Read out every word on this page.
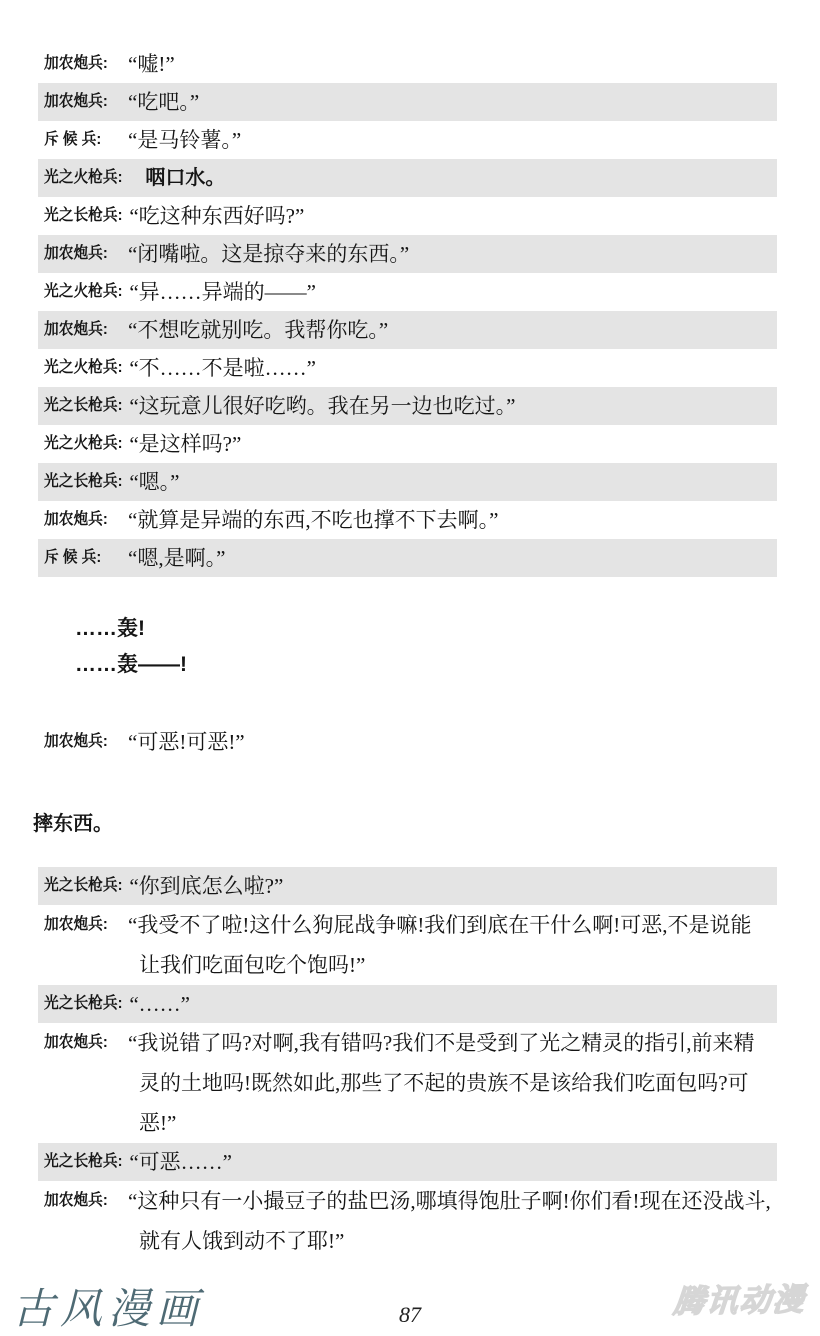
加农炮兵: “嘘!”
加农炮兵: “吃吧。”
斥 候 兵:	“是马铃薯。”
光之火枪兵:	咽口水。
光之长枪兵: “吃这种东西好吗?”
加农炮兵: “闭嘴啦。这是掠夺来的东西。”
光之火枪兵: “异……异端的——”
加农炮兵: “不想吃就别吃。我帮你吃。”
光之火枪兵: “不……不是啦……”
光之长枪兵: “这玩意儿很好吃哟。我在另一边也吃过。”
光之火枪兵: “是这样吗?”
光之长枪兵: “嗯。”
加农炮兵: “就算是异端的东西,不吃也撑不下去啊。”
斥 候 兵:	“嗯,是啊。”
……轰!
……轰——!
加农炮兵: “可恶!可恶!”
摔东西。
光之长枪兵: “你到底怎么啦?”
加农炮兵: “我受不了啦!这什么狗屁战争嘛!我们到底在干什么啊!可恶,不是说能让我们吃面包吃个饱吗!”
光之长枪兵: “……”
加农炮兵: “我说错了吗?对啊,我有错吗?我们不是受到了光之精灵的指引,前来精灵的土地吗!既然如此,那些了不起的贵族不是该给我们吃面包吗?可恶!”
光之长枪兵: “可恶……”
加农炮兵: “这种只有一小撮豆子的盐巴汤,哪填得饱肚子啊!你们看!现在还没战斗,就有人饿到动不了耶!”
古风漫画	87	腾讯动漫
